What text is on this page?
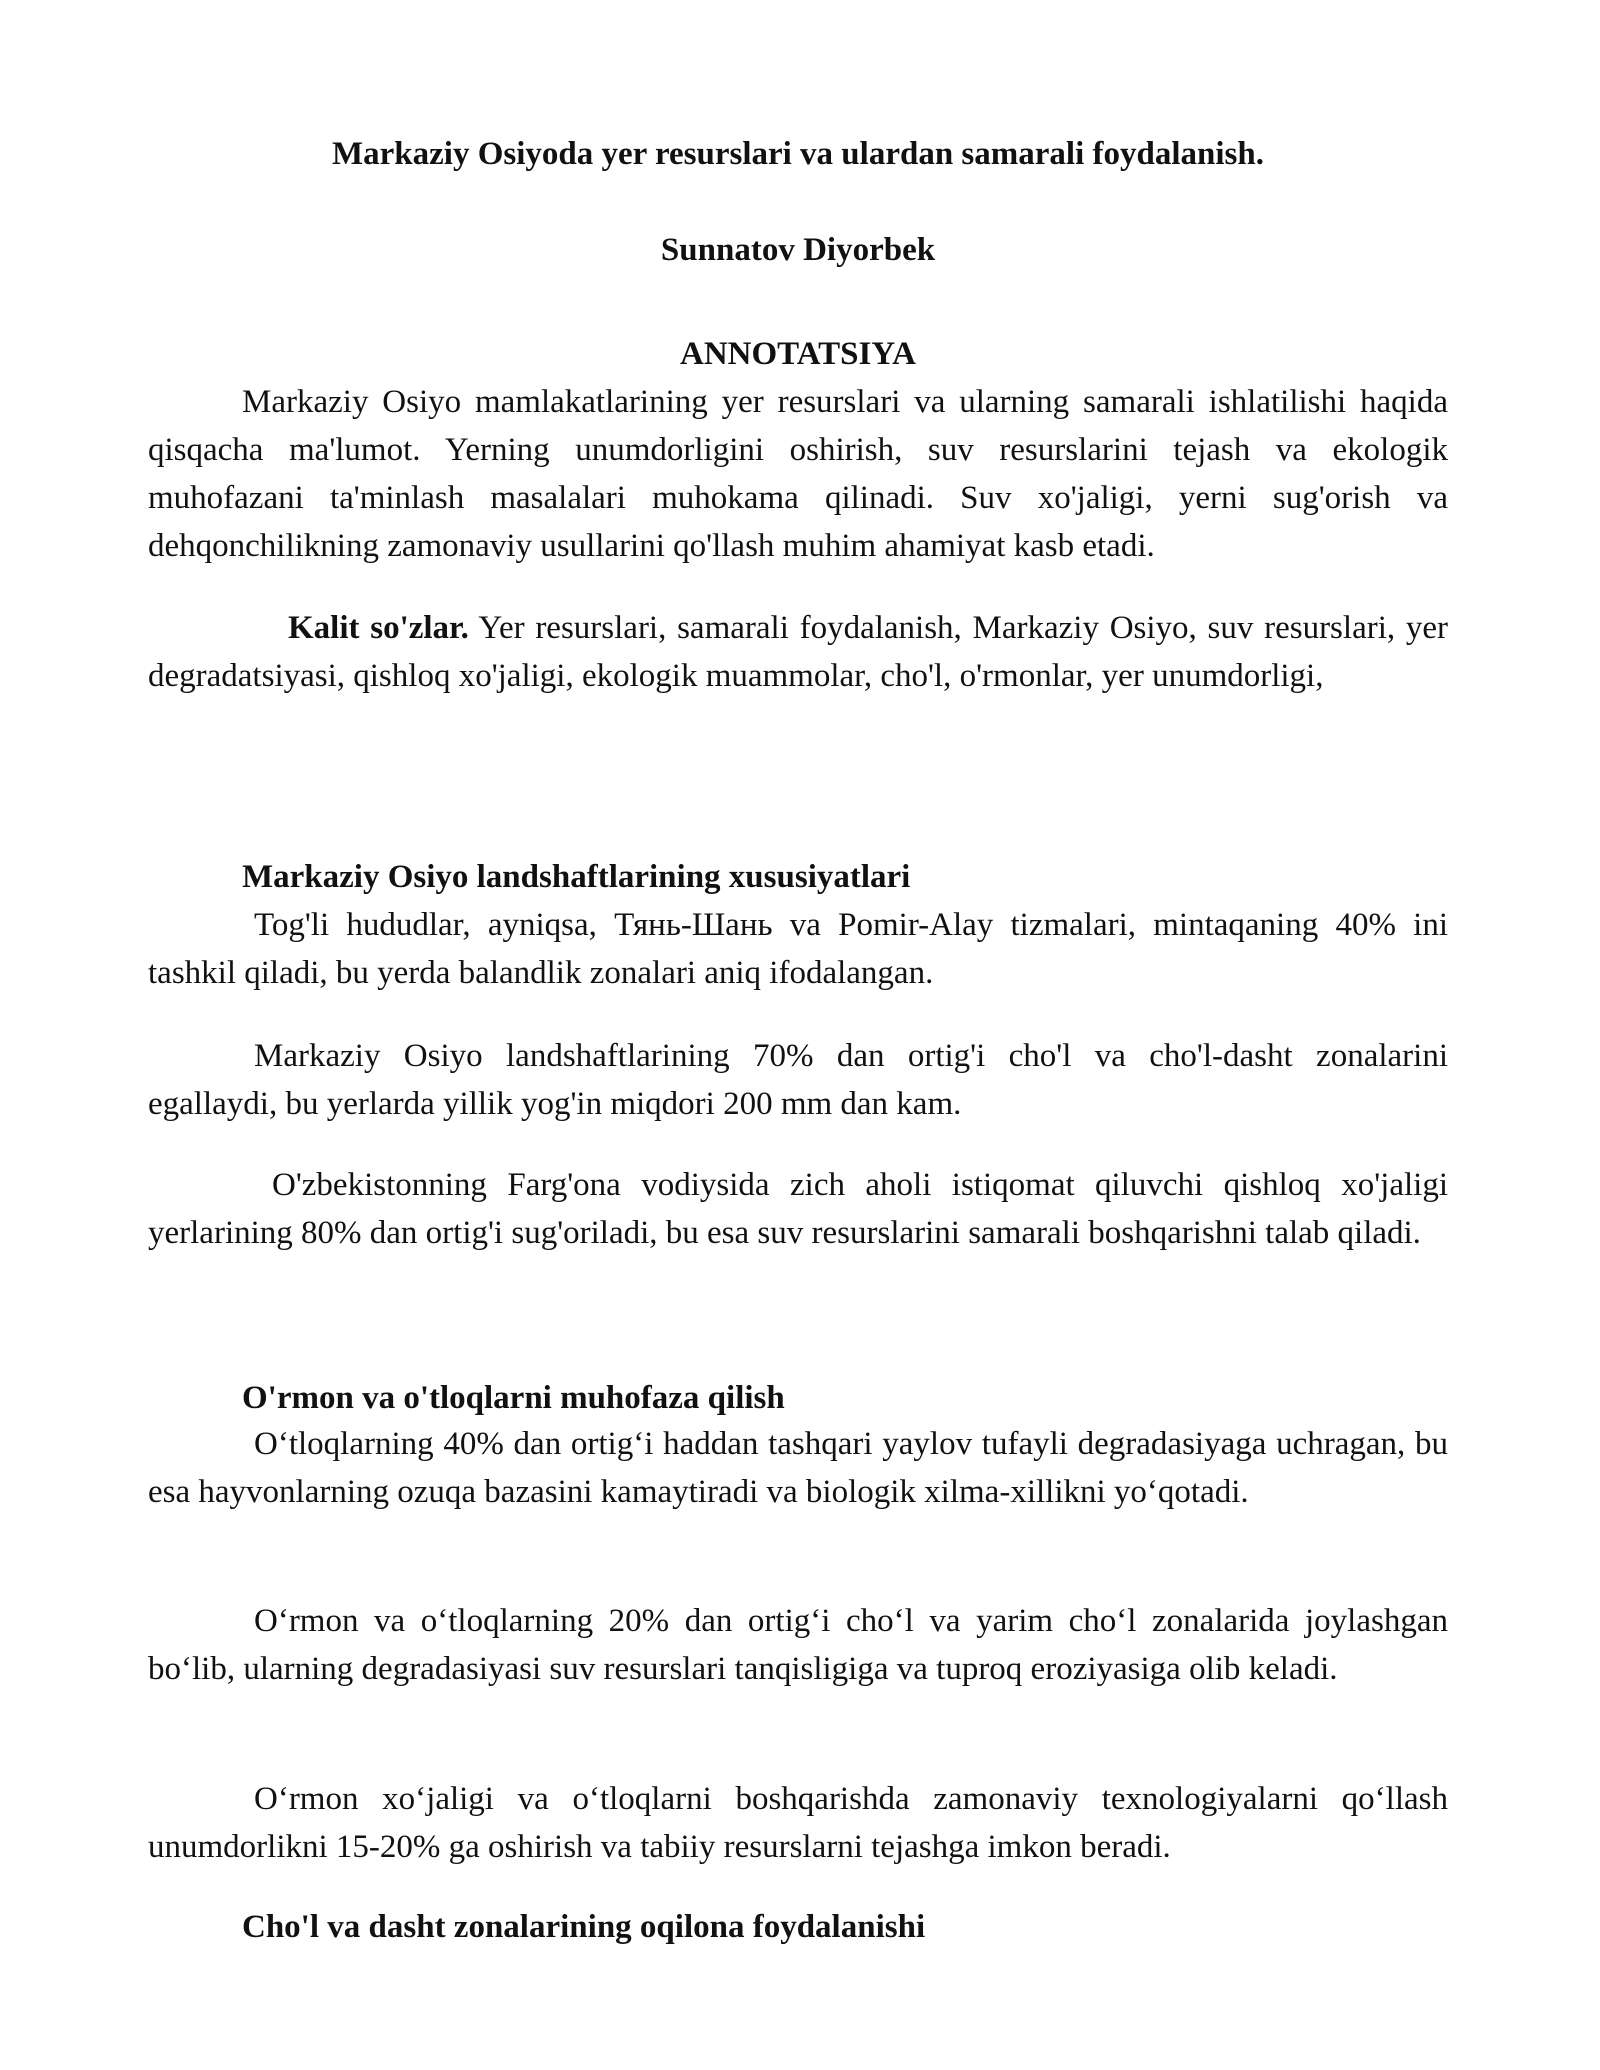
Markaziy Osiyoda yer resurslari va ulardan samarali foydalanish.
Sunnatov Diyorbek
ANNOTATSIYA
Markaziy Osiyo mamlakatlarining yer resurslari va ularning samarali ishlatilishi haqida qisqacha ma'lumot. Yerning unumdorligini oshirish, suv resurslarini tejash va ekologik muhofazani ta'minlash masalalari muhokama qilinadi. Suv xo'jaligi, yerni sug'orish va dehqonchilikning zamonaviy usullarini qo'llash muhim ahamiyat kasb etadi.
Kalit so'zlar. Yer resurslari, samarali foydalanish, Markaziy Osiyo, suv resurslari, yer degradatsiyasi, qishloq xo'jaligi, ekologik muammolar, cho'l, o'rmonlar, yer unumdorligi,
Markaziy Osiyo landshaftlarining xususiyatlari
Tog'li hududlar, ayniqsa, Тянь-Шань va Pomir-Alay tizmalari, mintaqaning 40% ini tashkil qiladi, bu yerda balandlik zonalari aniq ifodalangan.
Markaziy Osiyo landshaftlarining 70% dan ortig'i cho'l va cho'l-dasht zonalarini egallaydi, bu yerlarda yillik yog'in miqdori 200 mm dan kam.
O'zbekistonning Farg'ona vodiysida zich aholi istiqomat qiluvchi qishloq xo'jaligi yerlarining 80% dan ortig'i sug'oriladi, bu esa suv resurslarini samarali boshqarishni talab qiladi.
O'rmon va o'tloqlarni muhofaza qilish
O‘tloqlarning 40% dan ortig‘i haddan tashqari yaylov tufayli degradasiyaga uchragan, bu esa hayvonlarning ozuqa bazasini kamaytiradi va biologik xilma-xillikni yo‘qotadi.
O‘rmon va o‘tloqlarning 20% dan ortig‘i cho‘l va yarim cho‘l zonalarida joylashgan bo‘lib, ularning degradasiyasi suv resurslari tanqisligiga va tuproq eroziyasiga olib keladi.
O‘rmon xo‘jaligi va o‘tloqlarni boshqarishda zamonaviy texnologiyalarni qo‘llash unumdorlikni 15-20% ga oshirish va tabiiy resurslarni tejashga imkon beradi.
Cho'l va dasht zonalarining oqilona foydalanishi
